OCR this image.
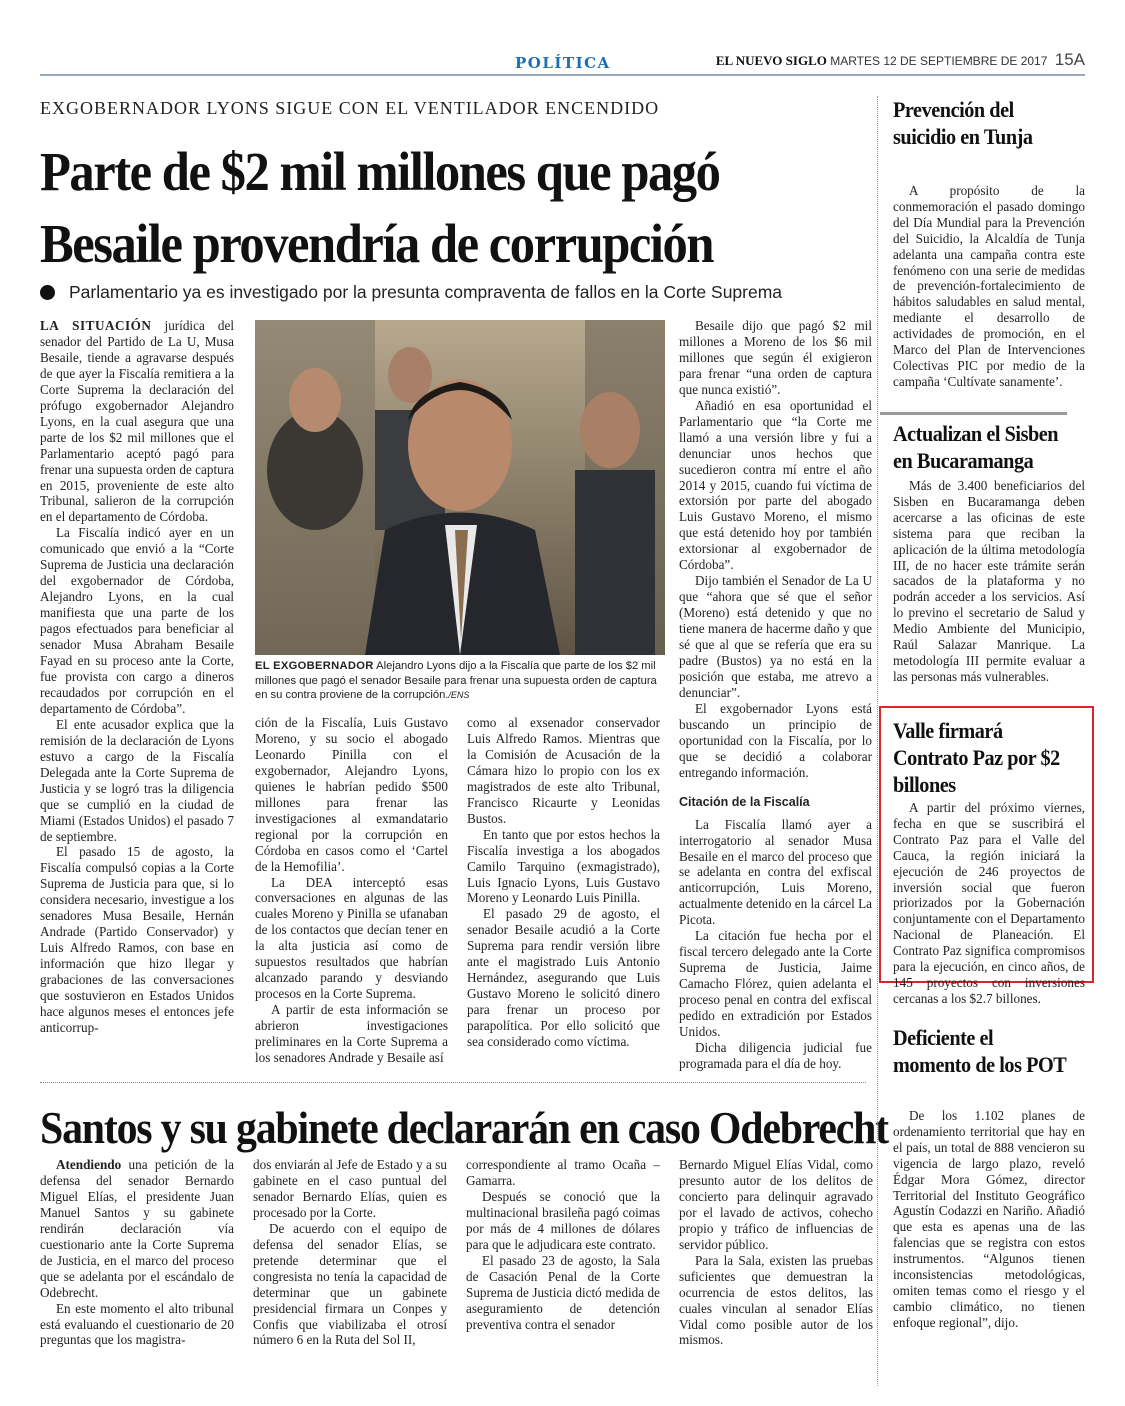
POLÍTICA	EL NUEVO SIGLO MARTES 12 DE SEPTIEMBRE DE 2017 15A
EXGOBERNADOR LYONS SIGUE CON EL VENTILADOR ENCENDIDO
Parte de $2 mil millones que pagó Besaile provendría de corrupción
Parlamentario ya es investigado por la presunta compraventa de fallos en la Corte Suprema

LA SITUACIÓN jurídica del senador del Partido de La U, Musa Besaile, tiende a agravarse después de que ayer la Fiscalía remitiera a la Corte Suprema la declaración del prófugo exgobernador Alejandro Lyons, en la cual asegura que una parte de los $2 mil millones que el Parlamentario aceptó pagó para frenar una supuesta orden de captura en 2015, proveniente de este alto Tribunal, salieron de la corrupción en el departamento de Córdoba.

La Fiscalía indicó ayer en un comunicado que envió a la “Corte Suprema de Justicia una declaración del exgobernador de Córdoba, Alejandro Lyons, en la cual manifiesta que una parte de los pagos efectuados para beneficiar al senador Musa Abraham Besaile Fayad en su proceso ante la Corte, fue provista con cargo a dineros recaudados por corrupción en el departamento de Córdoba”.

El ente acusador explica que la remisión de la declaración de Lyons estuvo a cargo de la Fiscalía Delegada ante la Corte Suprema de Justicia y se logró tras la diligencia que se cumplió en la ciudad de Miami (Estados Unidos) el pasado 7 de septiembre.

El pasado 15 de agosto, la Fiscalía compulsó copias a la Corte Suprema de Justicia para que, si lo considera necesario, investigue a los senadores Musa Besaile, Hernán Andrade (Partido Conservador) y Luis Alfredo Ramos, con base en información que hizo llegar y grabaciones de las conversaciones que sostuvieron en Estados Unidos hace algunos meses el entonces jefe anticorrup-

EL EXGOBERNADOR Alejandro Lyons dijo a la Fiscalía que parte de los $2 mil millones que pagó el senador Besaile para frenar una supuesta orden de captura en su contra proviene de la corrupción./ENS

ción de la Fiscalía, Luis Gustavo Moreno, y su socio el abogado Leonardo Pinilla con el exgobernador, Alejandro Lyons, quienes le habrían pedido $500 millones para frenar las investigaciones al exmandatario regional por la corrupción en Córdoba en casos como el ‘Cartel de la Hemofilia’.

La DEA interceptó esas conversaciones en algunas de las cuales Moreno y Pinilla se ufanaban de los contactos que decían tener en la alta justicia así como de supuestos resultados que habrían alcanzado parando y desviando procesos en la Corte Suprema.

A partir de esta información se abrieron investigaciones preliminares en la Corte Suprema a los senadores Andrade y Besaile así

como al exsenador conservador Luis Alfredo Ramos. Mientras que la Comisión de Acusación de la Cámara hizo lo propio con los ex magistrados de este alto Tribunal, Francisco Ricaurte y Leonidas Bustos.

En tanto que por estos hechos la Fiscalía investiga a los abogados Camilo Tarquino (exmagistrado), Luis Ignacio Lyons, Luis Gustavo Moreno y Leonardo Luis Pinilla.

El pasado 29 de agosto, el senador Besaile acudió a la Corte Suprema para rendir versión libre ante el magistrado Luis Antonio Hernández, asegurando que Luis Gustavo Moreno le solicitó dinero para frenar un proceso por parapolítica. Por ello solicitó que sea considerado como víctima.

Besaile dijo que pagó $2 mil millones a Moreno de los $6 mil millones que según él exigieron para frenar “una orden de captura que nunca existió”.

Añadió en esa oportunidad el Parlamentario que “la Corte me llamó a una versión libre y fui a denunciar unos hechos que sucedieron contra mí entre el año 2014 y 2015, cuando fui víctima de extorsión por parte del abogado Luis Gustavo Moreno, el mismo que está detenido hoy por también extorsionar al exgobernador de Córdoba”.

Dijo también el Senador de La U que “ahora que sé que el señor (Moreno) está detenido y que no tiene manera de hacerme daño y que sé que al que se refería que era su padre (Bustos) ya no está en la posición que estaba, me atrevo a denunciar”.

El exgobernador Lyons está buscando un principio de oportunidad con la Fiscalía, por lo que se decidió a colaborar entregando información.

Citación de la Fiscalía

La Fiscalía llamó ayer a interrogatorio al senador Musa Besaile en el marco del proceso que se adelanta en contra del exfiscal anticorrupción, Luis Moreno, actualmente detenido en la cárcel La Picota.

La citación fue hecha por el fiscal tercero delegado ante la Corte Suprema de Justicia, Jaime Camacho Flórez, quien adelanta el proceso penal en contra del exfiscal pedido en extradición por Estados Unidos.

Dicha diligencia judicial fue programada para el día de hoy.

Santos y su gabinete declararán en caso Odebrecht

Atendiendo una petición de la defensa del senador Bernardo Miguel Elías, el presidente Juan Manuel Santos y su gabinete rendirán declaración vía cuestionario ante la Corte Suprema de Justicia, en el marco del proceso que se adelanta por el escándalo de Odebrecht.

En este momento el alto tribunal está evaluando el cuestionario de 20 preguntas que los magistra-

dos enviarán al Jefe de Estado y a su gabinete en el caso puntual del senador Bernardo Elías, quien es procesado por la Corte.

De acuerdo con el equipo de defensa del senador Elías, se pretende determinar que el congresista no tenía la capacidad de determinar que un gabinete presidencial firmara un Conpes y Confis que viabilizaba el otrosí número 6 en la Ruta del Sol II,

correspondiente al tramo Ocaña – Gamarra.

Después se conoció que la multinacional brasileña pagó coimas por más de 4 millones de dólares para que le adjudicara este contrato.

El pasado 23 de agosto, la Sala de Casación Penal de la Corte Suprema de Justicia dictó medida de aseguramiento de detención preventiva contra el senador

Bernardo Miguel Elías Vidal, como presunto autor de los delitos de concierto para delinquir agravado por el lavado de activos, cohecho propio y tráfico de influencias de servidor público.

Para la Sala, existen las pruebas suficientes que demuestran la ocurrencia de estos delitos, las cuales vinculan al senador Elías Vidal como posible autor de los mismos.

Prevención del suicidio en Tunja

A propósito de la conmemoración el pasado domingo del Día Mundial para la Prevención del Suicidio, la Alcaldía de Tunja adelanta una campaña contra este fenómeno con una serie de medidas de prevención-fortalecimiento de hábitos saludables en salud mental, mediante el desarrollo de actividades de promoción, en el Marco del Plan de Intervenciones Colectivas PIC por medio de la campaña ‘Cultívate sanamente’.

Actualizan el Sisben en Bucaramanga

Más de 3.400 beneficiarios del Sisben en Bucaramanga deben acercarse a las oficinas de este sistema para que reciban la aplicación de la última metodología III, de no hacer este trámite serán sacados de la plataforma y no podrán acceder a los servicios. Así lo previno el secretario de Salud y Medio Ambiente del Municipio, Raúl Salazar Manrique. La metodología III permite evaluar a las personas más vulnerables.

Valle firmará Contrato Paz por $2 billones

A partir del próximo viernes, fecha en que se suscribirá el Contrato Paz para el Valle del Cauca, la región iniciará la ejecución de 246 proyectos de inversión social que fueron priorizados por la Gobernación conjuntamente con el Departamento Nacional de Planeación. El Contrato Paz significa compromisos para la ejecución, en cinco años, de 145 proyectos con inversiones cercanas a los $2.7 billones.

Deficiente el momento de los POT

De los 1.102 planes de ordenamiento territorial que hay en el país, un total de 888 vencieron su vigencia de largo plazo, reveló Édgar Mora Gómez, director Territorial del Instituto Geográfico Agustín Codazzi en Nariño. Añadió que esta es apenas una de las falencias que se registra con estos instrumentos. “Algunos tienen inconsistencias metodológicas, omiten temas como el riesgo y el cambio climático, no tienen enfoque regional”, dijo.
